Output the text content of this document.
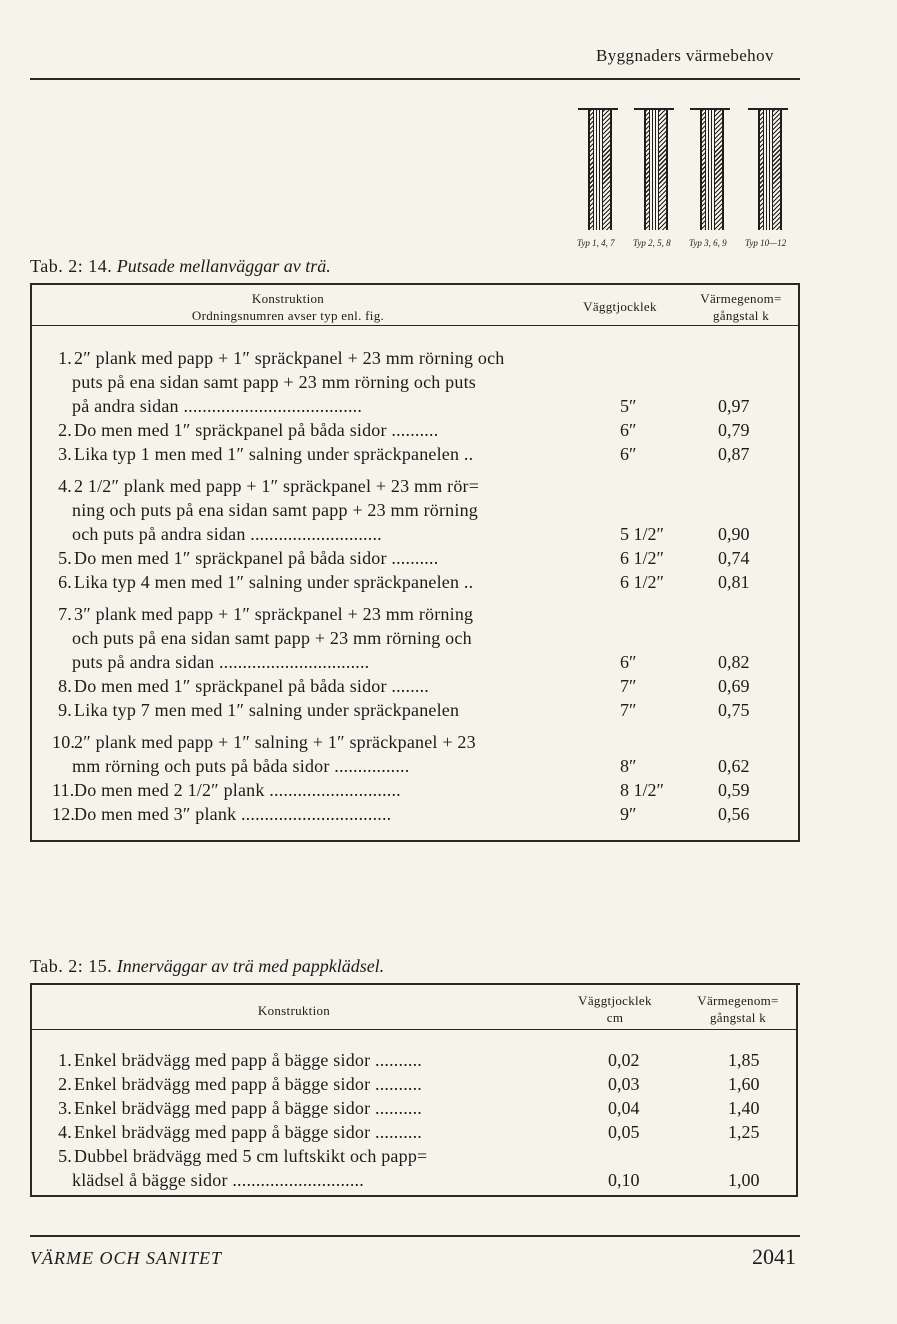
Byggnaders värmebehov
Typ 1, 4, 7 Typ 2, 5, 8 Typ 3, 6, 9 Typ 10—12
Tab. 2: 14. Putsade mellanväggar av trä.
Konstruktion
Ordningsnumren avser typ enl. fig.
Väggtjocklek
Värmegenom=
gångstal k
1. 2″ plank med papp + 1″ spräckpanel + 23 mm rörning och
puts på ena sidan samt papp + 23 mm rörning och puts
på andra sidan ......................................	5″	0,97
2. Do men med 1″ spräckpanel på båda sidor ..........	6″	0,79
3. Lika typ 1 men med 1″ salning under spräckpanelen ..	6″	0,87
4. 2 1/2″ plank med papp + 1″ spräckpanel + 23 mm rör=
ning och puts på ena sidan samt papp + 23 mm rörning
och puts på andra sidan ............................	5 1/2″	0,90
5. Do men med 1″ spräckpanel på båda sidor ..........	6 1/2″	0,74
6. Lika typ 4 men med 1″ salning under spräckpanelen ..	6 1/2″	0,81
7. 3″ plank med papp + 1″ spräckpanel + 23 mm rörning
och puts på ena sidan samt papp + 23 mm rörning och
puts på andra sidan ................................	6″	0,82
8. Do men med 1″ spräckpanel på båda sidor ........	7″	0,69
9. Lika typ 7 men med 1″ salning under spräckpanelen	7″	0,75
10.2″ plank med papp + 1″ salning + 1″ spräckpanel + 23
mm rörning och puts på båda sidor ................	8″	0,62
11.Do men med 2 1/2″ plank ............................	8 1/2″	0,59
12.Do men med 3″ plank ................................	9″	0,56
Tab. 2: 15. Innerväggar av trä med pappklädsel.
Konstruktion
Väggtjocklek
cm
Värmegenom=
gångstal k
1. Enkel brädvägg med papp å bägge sidor ..........	0,02	1,85
2. Enkel brädvägg med papp å bägge sidor ..........	0,03	1,60
3. Enkel brädvägg med papp å bägge sidor ..........	0,04	1,40
4. Enkel brädvägg med papp å bägge sidor ..........	0,05	1,25
5. Dubbel brädvägg med 5 cm luftskikt och papp=
klädsel å bägge sidor ............................	0,10	1,00
VÄRME OCH SANITET	2041
